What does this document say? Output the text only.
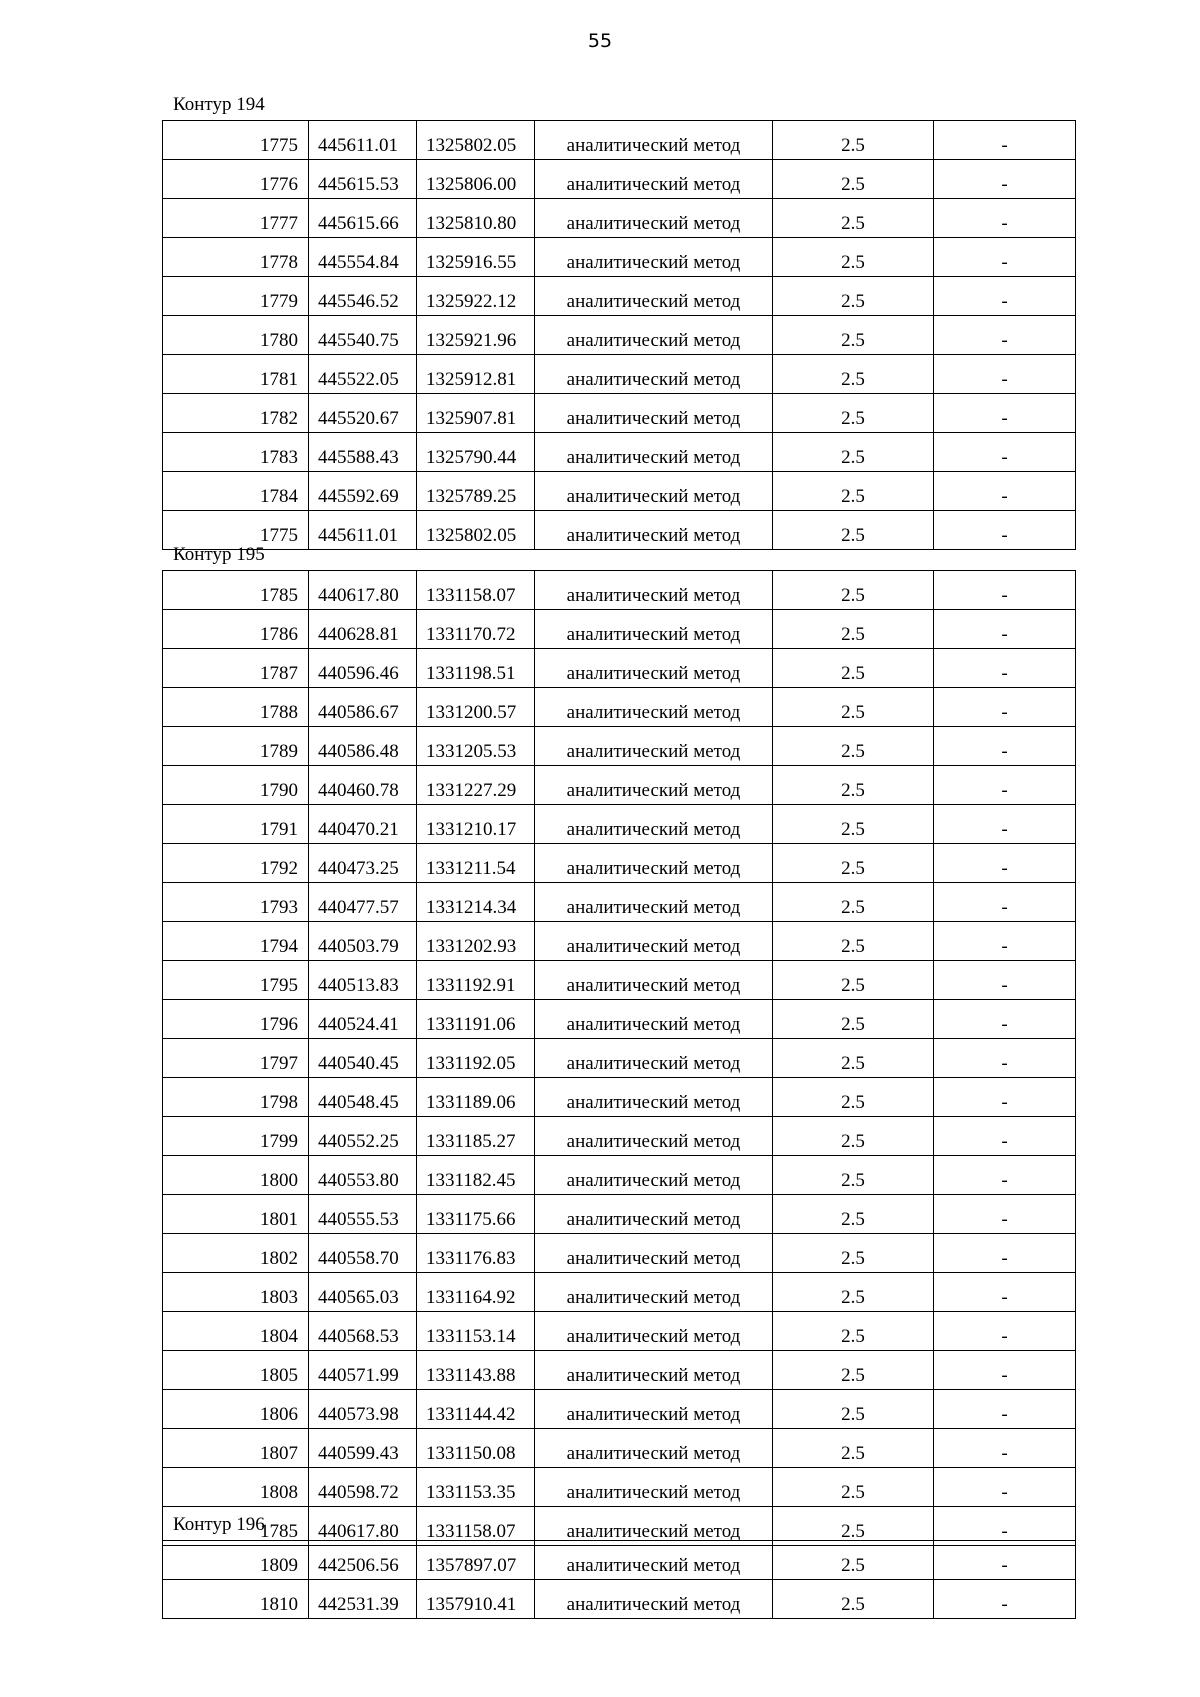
55
Контур 194
1775	445611.01	1325802.05	аналитический метод	2.5	-
1776	445615.53	1325806.00	аналитический метод	2.5	-
1777	445615.66	1325810.80	аналитический метод	2.5	-
1778	445554.84	1325916.55	аналитический метод	2.5	-
1779	445546.52	1325922.12	аналитический метод	2.5	-
1780	445540.75	1325921.96	аналитический метод	2.5	-
1781	445522.05	1325912.81	аналитический метод	2.5	-
1782	445520.67	1325907.81	аналитический метод	2.5	-
1783	445588.43	1325790.44	аналитический метод	2.5	-
1784	445592.69	1325789.25	аналитический метод	2.5	-
1775	445611.01	1325802.05	аналитический метод	2.5	-
Контур 195
1785	440617.80	1331158.07	аналитический метод	2.5	-
1786	440628.81	1331170.72	аналитический метод	2.5	-
1787	440596.46	1331198.51	аналитический метод	2.5	-
1788	440586.67	1331200.57	аналитический метод	2.5	-
1789	440586.48	1331205.53	аналитический метод	2.5	-
1790	440460.78	1331227.29	аналитический метод	2.5	-
1791	440470.21	1331210.17	аналитический метод	2.5	-
1792	440473.25	1331211.54	аналитический метод	2.5	-
1793	440477.57	1331214.34	аналитический метод	2.5	-
1794	440503.79	1331202.93	аналитический метод	2.5	-
1795	440513.83	1331192.91	аналитический метод	2.5	-
1796	440524.41	1331191.06	аналитический метод	2.5	-
1797	440540.45	1331192.05	аналитический метод	2.5	-
1798	440548.45	1331189.06	аналитический метод	2.5	-
1799	440552.25	1331185.27	аналитический метод	2.5	-
1800	440553.80	1331182.45	аналитический метод	2.5	-
1801	440555.53	1331175.66	аналитический метод	2.5	-
1802	440558.70	1331176.83	аналитический метод	2.5	-
1803	440565.03	1331164.92	аналитический метод	2.5	-
1804	440568.53	1331153.14	аналитический метод	2.5	-
1805	440571.99	1331143.88	аналитический метод	2.5	-
1806	440573.98	1331144.42	аналитический метод	2.5	-
1807	440599.43	1331150.08	аналитический метод	2.5	-
1808	440598.72	1331153.35	аналитический метод	2.5	-
1785	440617.80	1331158.07	аналитический метод	2.5	-
Контур 196
1809	442506.56	1357897.07	аналитический метод	2.5	-
1810	442531.39	1357910.41	аналитический метод	2.5	-
